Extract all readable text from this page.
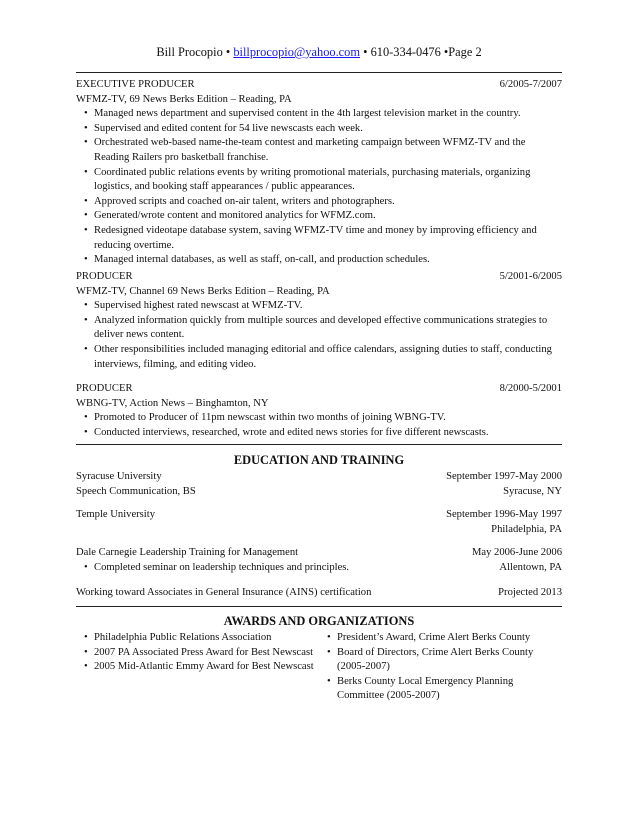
Bill Procopio • billprocopio@yahoo.com • 610-334-0476 •Page 2
EXECUTIVE PRODUCER	6/2005-7/2007
WFMZ-TV, 69 News Berks Edition – Reading, PA
• Managed news department and supervised content in the 4th largest television market in the country.
• Supervised and edited content for 54 live newscasts each week.
• Orchestrated web-based name-the-team contest and marketing campaign between WFMZ-TV and the Reading Railers pro basketball franchise.
• Coordinated public relations events by writing promotional materials, purchasing materials, organizing logistics, and booking staff appearances / public appearances.
• Approved scripts and coached on-air talent, writers and photographers.
• Generated/wrote content and monitored analytics for WFMZ.com.
• Redesigned videotape database system, saving WFMZ-TV time and money by improving efficiency and reducing overtime.
• Managed internal databases, as well as staff, on-call, and production schedules.
PRODUCER	5/2001-6/2005
WFMZ-TV, Channel 69 News Berks Edition – Reading, PA
• Supervised highest rated newscast at WFMZ-TV.
• Analyzed information quickly from multiple sources and developed effective communications strategies to deliver news content.
• Other responsibilities included managing editorial and office calendars, assigning duties to staff, conducting interviews, filming, and editing video.
PRODUCER	8/2000-5/2001
WBNG-TV, Action News – Binghamton, NY
• Promoted to Producer of 11pm newscast within two months of joining WBNG-TV.
• Conducted interviews, researched, wrote and edited news stories for five different newscasts.
EDUCATION AND TRAINING
Syracuse University	September 1997-May 2000
Speech Communication, BS	Syracuse, NY
Temple University	September 1996-May 1997
Philadelphia, PA
Dale Carnegie Leadership Training for Management	May 2006-June 2006
• Completed seminar on leadership techniques and principles.	Allentown, PA
Working toward Associates in General Insurance (AINS) certification	Projected 2013
AWARDS AND ORGANIZATIONS
• Philadelphia Public Relations Association
• 2007 PA Associated Press Award for Best Newscast
• 2005 Mid-Atlantic Emmy Award for Best Newscast
• President’s Award, Crime Alert Berks County
• Board of Directors, Crime Alert Berks County (2005-2007)
• Berks County Local Emergency Planning Committee (2005-2007)
